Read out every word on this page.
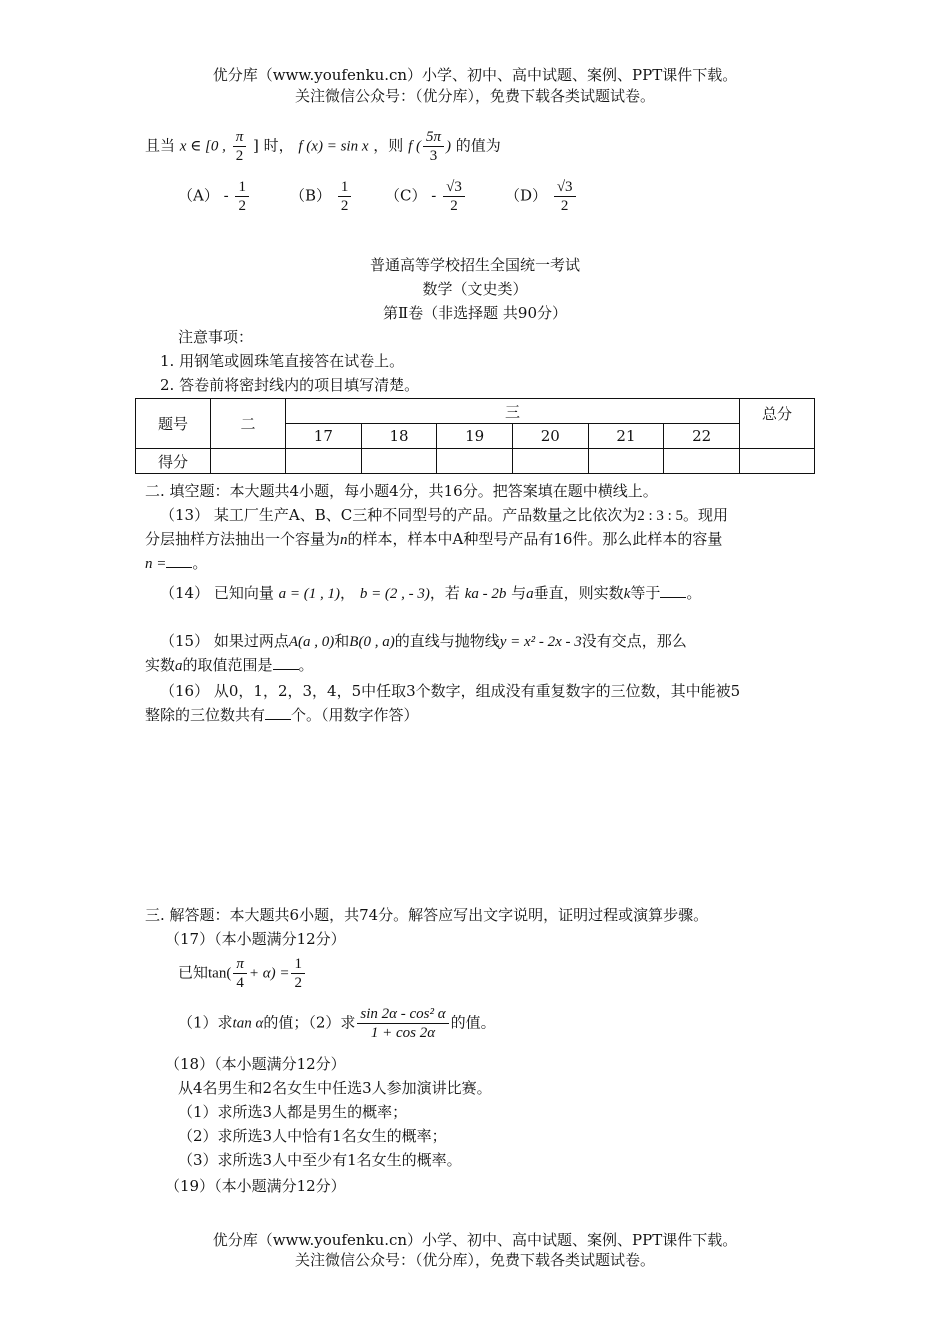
优分库（www.youfenku.cn）小学、初中、高中试题、案例、PPT课件下载。
关注微信公众号：（优分库），免费下载各类试题试卷。
且当 x ∈ [0 , $\frac{\pi}{2}$ ] 时， f (x) = sin x ，则 f ( $\frac{5\pi}{3}$ ) 的值为
$(A) - \frac{1}{2}$	$(B) \frac{1}{2} (C) - \frac{√3}{2}$	$(D) \frac{√3}{2}$
普通高等学校招生全国统一考试
数学（文史类）
第Ⅱ卷（非选择题 共90分）
注意事项：
1. 用钢笔或圆珠笔直接答在试卷上。
2. 答卷前将密封线内的项目填写清楚。
题号	二	三						总分
		17	18	19	20	21	22	
得分								
二. 填空题：本大题共4小题，每小题4分，共16分。把答案填在题中横线上。
（13） 某工厂生产A、B、C三种不同型号的产品。产品数量之比依次为2 : 3 : 5。现用
分层抽样方法抽出一个容量为n的样本，样本中A种型号产品有16件。那么此样本的容量
n = 。
（14） 已知向量 a = (1 , 1)， b = (2 , - 3)，若 ka - 2b 与a垂直，则实数k等于 。
（15） 如果过两点A(a , 0)和B(0 , a)的直线与抛物线y = x² - 2x - 3没有交点，那么
实数a的取值范围是 。
（16） 从0，1，2，3，4，5中任取3个数字，组成没有重复数字的三位数，其中能被5
整除的三位数共有 个。（用数字作答）
三. 解答题：本大题共6小题，共74分。解答应写出文字说明，证明过程或演算步骤。
（17）（本小题满分12分）
已知$\tan( \frac{\pi}{4} + \alpha) = \frac{1}{2}$
（1）求tan α的值；（2）求 $\frac{\text{sin 2α - cos² α}}{1 + \cos 2\alpha}$ 的值。
（18）（本小题满分12分）
从4名男生和2名女生中任选3人参加演讲比赛。
（1）求所选3人都是男生的概率；
（2）求所选3人中恰有1名女生的概率；
（3）求所选3人中至少有1名女生的概率。
（19）（本小题满分12分）
优分库（www.youfenku.cn）小学、初中、高中试题、案例、PPT课件下载。
关注微信公众号：（优分库），免费下载各类试题试卷。
